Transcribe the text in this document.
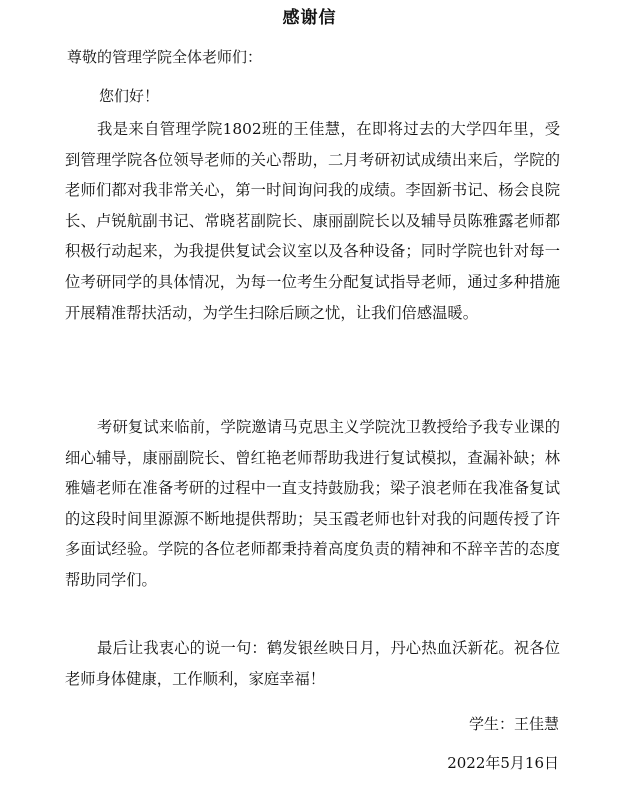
感谢信
尊敬的管理学院全体老师们：
您们好！

我是来自管理学院1802班的王佳慧，在即将过去的大学四年里，受到管理学院各位领导老师的关心帮助，二月考研初试成绩出来后，学院的老师们都对我非常关心，第一时间询问我的成绩。李固新书记、杨会良院长、卢锐航副书记、常晓茗副院长、康丽副院长以及辅导员陈雅露老师都积极行动起来，为我提供复试会议室以及各种设备；同时学院也针对每一位考研同学的具体情况，为每一位考生分配复试指导老师，通过多种措施开展精准帮扶活动，为学生扫除后顾之忧，让我们倍感温暖。

考研复试来临前，学院邀请马克思主义学院沈卫教授给予我专业课的细心辅导，康丽副院长、曾红艳老师帮助我进行复试模拟，查漏补缺；林雅嫱老师在准备考研的过程中一直支持鼓励我；梁子浪老师在我准备复试的这段时间里源源不断地提供帮助；吴玉霞老师也针对我的问题传授了许多面试经验。学院的各位老师都秉持着高度负责的精神和不辞辛苦的态度帮助同学们。

最后让我衷心的说一句：鹤发银丝映日月，丹心热血沃新花。祝各位老师身体健康，工作顺利，家庭幸福！

学生：王佳慧
2022年5月16日
